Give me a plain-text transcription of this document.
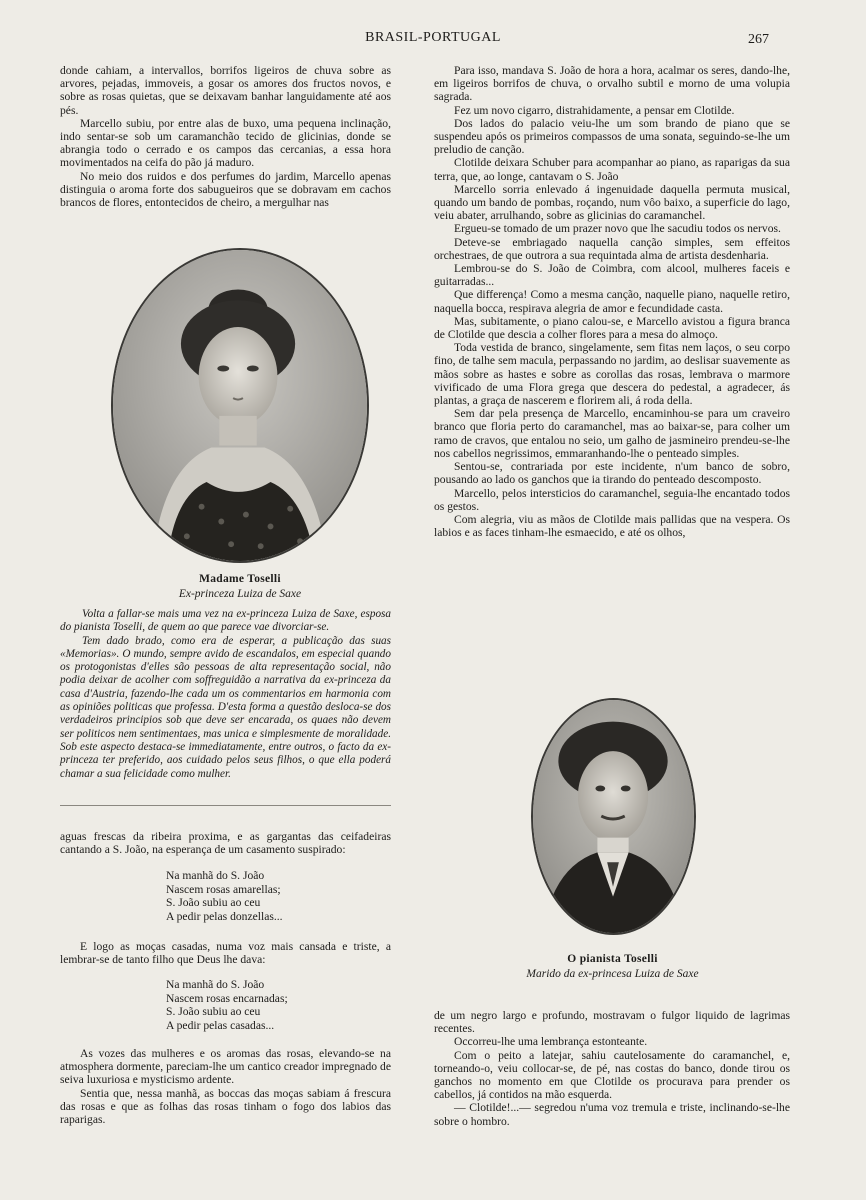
BRASIL-PORTUGAL	267

donde cahiam, a intervallos, borrifos ligeiros de chuva sobre as arvores, pejadas, immoveis, a gosar os amores dos fructos novos, e sobre as rosas quietas, que se deixavam banhar languidamente até aos pés.

Marcello subiu, por entre alas de buxo, uma pequena inclinação, indo sentar-se sob um caramanchão tecido de glicinias, donde se abrangia todo o cerrado e os campos das cercanias, a essa hora movimentados na ceifa do pão já maduro.

No meio dos ruidos e dos perfumes do jardim, Marcello apenas distinguia o aroma forte dos sabugueiros que se dobravam em cachos brancos de flores, entontecidos de cheiro, a mergulhar nas

Madame Toselli
Ex-princeza Luiza de Saxe

Volta a fallar-se mais uma vez na ex-princeza Luiza de Saxe, esposa do pianista Toselli, de quem ao que parece vae divorciar-se.

Tem dado brado, como era de esperar, a publicação das suas «Memorias». O mundo, sempre avido de escandalos, em especial quando os protogonistas d'elles são pessoas de alta representação social, não podia deixar de acolher com soffreguidão a narrativa da ex-princeza da casa d'Austria, fazendo-lhe cada um os commentarios em harmonia com as opiniões politicas que professa. D'esta forma a questão desloca-se dos verdadeiros principios sob que deve ser encarada, os quaes não devem ser politicos nem sentimentaes, mas unica e simplesmente de moralidade. Sob este aspecto destaca-se immediatamente, entre outros, o facto da ex-princeza ter preferido, aos cuidado pelos seus filhos, o que ella poderá chamar a sua felicidade como mulher.

aguas frescas da ribeira proxima, e as gargantas das ceifadeiras cantando a S. João, na esperança de um casamento suspirado:

Na manhã do S. João
Nascem rosas amarellas;
S. João subiu ao ceu
A pedir pelas donzellas...

E logo as moças casadas, numa voz mais cansada e triste, a lembrar-se de tanto filho que Deus lhe dava:

Na manhã do S. João
Nascem rosas encarnadas;
S. João subiu ao ceu
A pedir pelas casadas...

As vozes das mulheres e os aromas das rosas, elevando-se na atmosphera dormente, pareciam-lhe um cantico creador impregnado de seiva luxuriosa e mysticismo ardente.

Sentia que, nessa manhã, as boccas das moças sabiam á frescura das rosas e que as folhas das rosas tinham o fogo dos labios das raparigas.

Para isso, mandava S. João de hora a hora, acalmar os seres, dando-lhe, em ligeiros borrifos de chuva, o orvalho subtil e morno de uma volupia sagrada.

Fez um novo cigarro, distrahidamente, a pensar em Clotilde.

Dos lados do palacio veiu-lhe um som brando de piano que se suspendeu após os primeiros compassos de uma sonata, seguindo-se-lhe um preludio de canção.

Clotilde deixara Schuber para acompanhar ao piano, as raparigas da sua terra, que, ao longe, cantavam o S. João

Marcello sorria enlevado á ingenuidade daquella permuta musical, quando um bando de pombas, roçando, num vôo baixo, a superficie do lago, veiu abater, arrulhando, sobre as glicinias do caramanchel.

Ergueu-se tomado de um prazer novo que lhe sacudiu todos os nervos.

Deteve-se embriagado naquella canção simples, sem effeitos orchestraes, de que outrora a sua requintada alma de artista desdenharia.

Lembrou-se do S. João de Coimbra, com alcool, mulheres faceis e guitarradas...

Que differença! Como a mesma canção, naquelle piano, naquelle retiro, naquella bocca, respirava alegria de amor e fecundidade casta.

Mas, subitamente, o piano calou-se, e Marcello avistou a figura branca de Clotilde que descia a colher flores para a mesa do almoço.

Toda vestida de branco, singelamente, sem fitas nem laços, o seu corpo fino, de talhe sem macula, perpassando no jardim, ao deslisar suavemente as mãos sobre as hastes e sobre as corollas das rosas, lembrava o marmore vivificado de uma Flora grega que descera do pedestal, a agradecer, ás plantas, a graça de nascerem e florirem ali, á roda della.

Sem dar pela presença de Marcello, encaminhou-se para um craveiro branco que floria perto do caramanchel, mas ao baixar-se, para colher um ramo de cravos, que entalou no seio, um galho de jasmineiro prendeu-se-lhe nos cabellos negrissimos, emmaranhando-lhe o penteado simples.

Sentou-se, contrariada por este incidente, n'um banco de sobro, pousando ao lado os ganchos que ia tirando do penteado descomposto.

Marcello, pelos intersticios do caramanchel, seguia-lhe encantado todos os gestos.

Com alegria, viu as mãos de Clotilde mais pallidas que na vespera. Os labios e as faces tinham-lhe esmaecido, e até os olhos,

O pianista Toselli
Marido da ex-princesa Luiza de Saxe

de um negro largo e profundo, mostravam o fulgor liquido de lagrimas recentes.

Occorreu-lhe uma lembrança estonteante.

Com o peito a latejar, sahiu cautelosamente do caramanchel, e, torneando-o, veiu collocar-se, de pé, nas costas do banco, donde tirou os ganchos no momento em que Clotilde os procurava para prender os cabellos, já contidos na mão esquerda.

— Clotilde!...— segredou n'uma voz tremula e triste, inclinando-se-lhe sobre o hombro.
